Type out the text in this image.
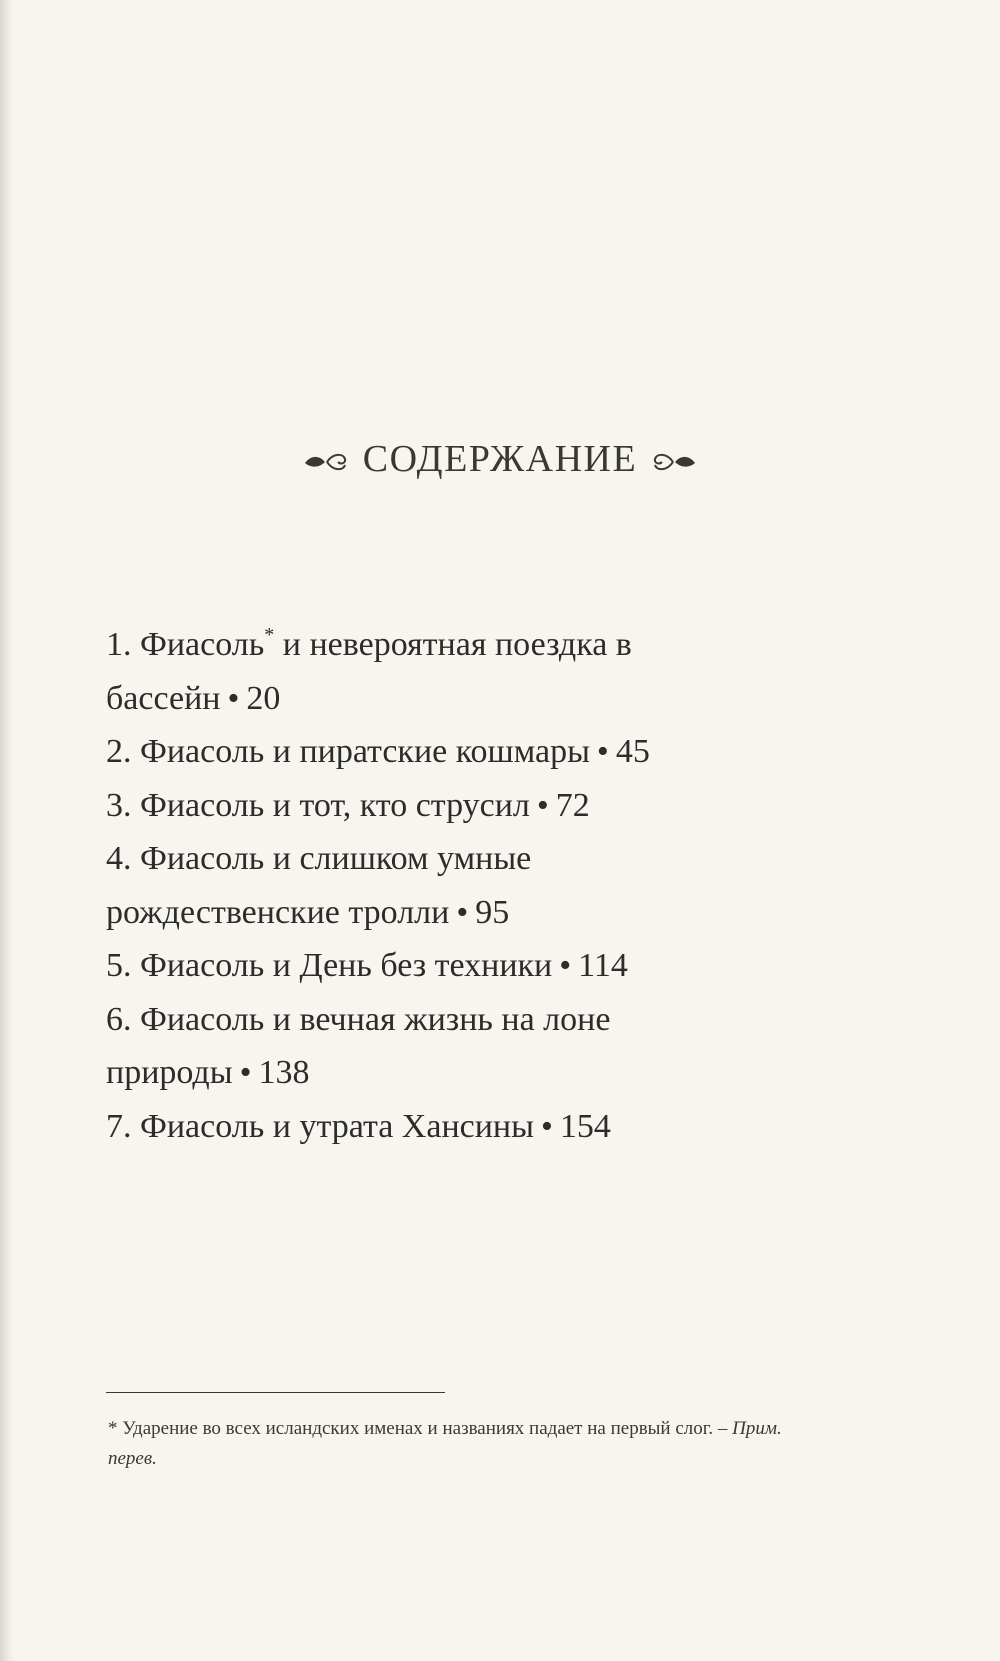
СОДЕРЖАНИЕ
1. Фиасоль* и невероятная поездка в бассейн • 20
2. Фиасоль и пиратские кошмары • 45
3. Фиасоль и тот, кто струсил • 72
4. Фиасоль и слишком умные рождественские тролли • 95
5. Фиасоль и День без техники • 114
6. Фиасоль и вечная жизнь на лоне природы • 138
7. Фиасоль и утрата Хансины • 154
* Ударение во всех исландских именах и названиях падает на первый слог. – Прим. перев.
